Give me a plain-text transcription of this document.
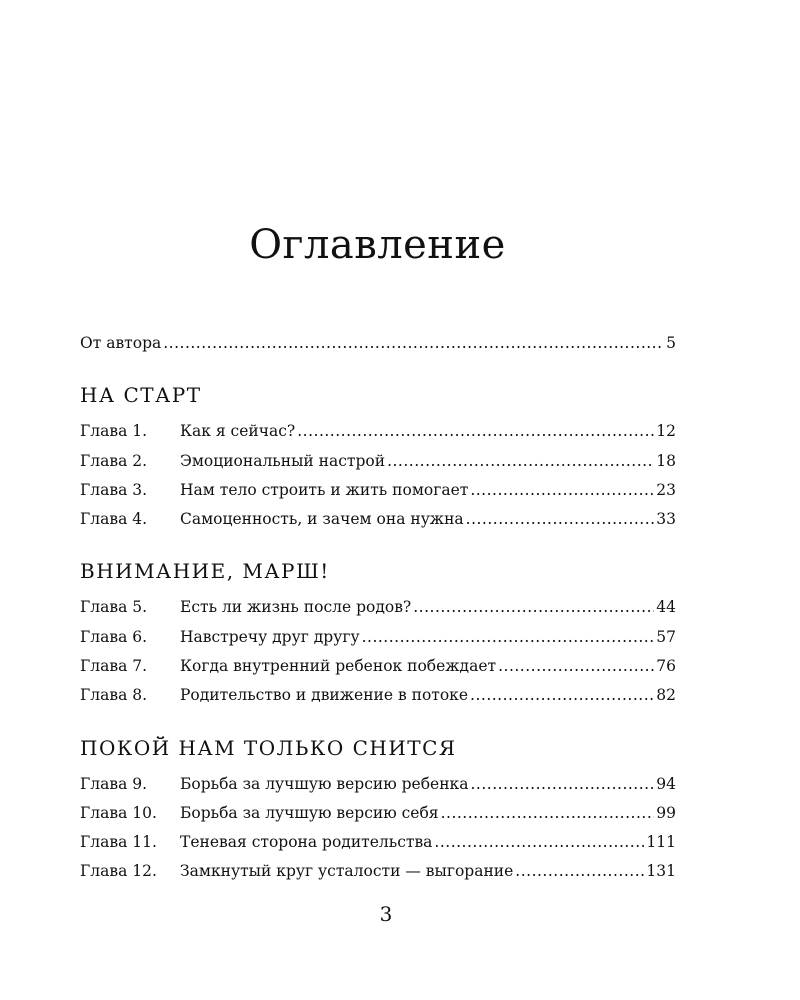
Оглавление
От автора .....	5
НА СТАРТ
Глава 1.	Как я сейчас? .....	12
Глава 2.	Эмоциональный настрой .....	18
Глава 3.	Нам тело строить и жить помогает .....	23
Глава 4.	Самоценность, и зачем она нужна .....	33
ВНИМАНИЕ, МАРШ!
Глава 5.	Есть ли жизнь после родов? .....	44
Глава 6.	Навстречу друг другу .....	57
Глава 7.	Когда внутренний ребенок побеждает .....	76
Глава 8.	Родительство и движение в потоке .....	82
ПОКОЙ НАМ ТОЛЬКО СНИТСЯ
Глава 9.	Борьба за лучшую версию ребенка .....	94
Глава 10.	Борьба за лучшую версию себя .....	99
Глава 11.	Теневая сторона родительства .....	111
Глава 12.	Замкнутый круг усталости — выгорание .....	131
3
